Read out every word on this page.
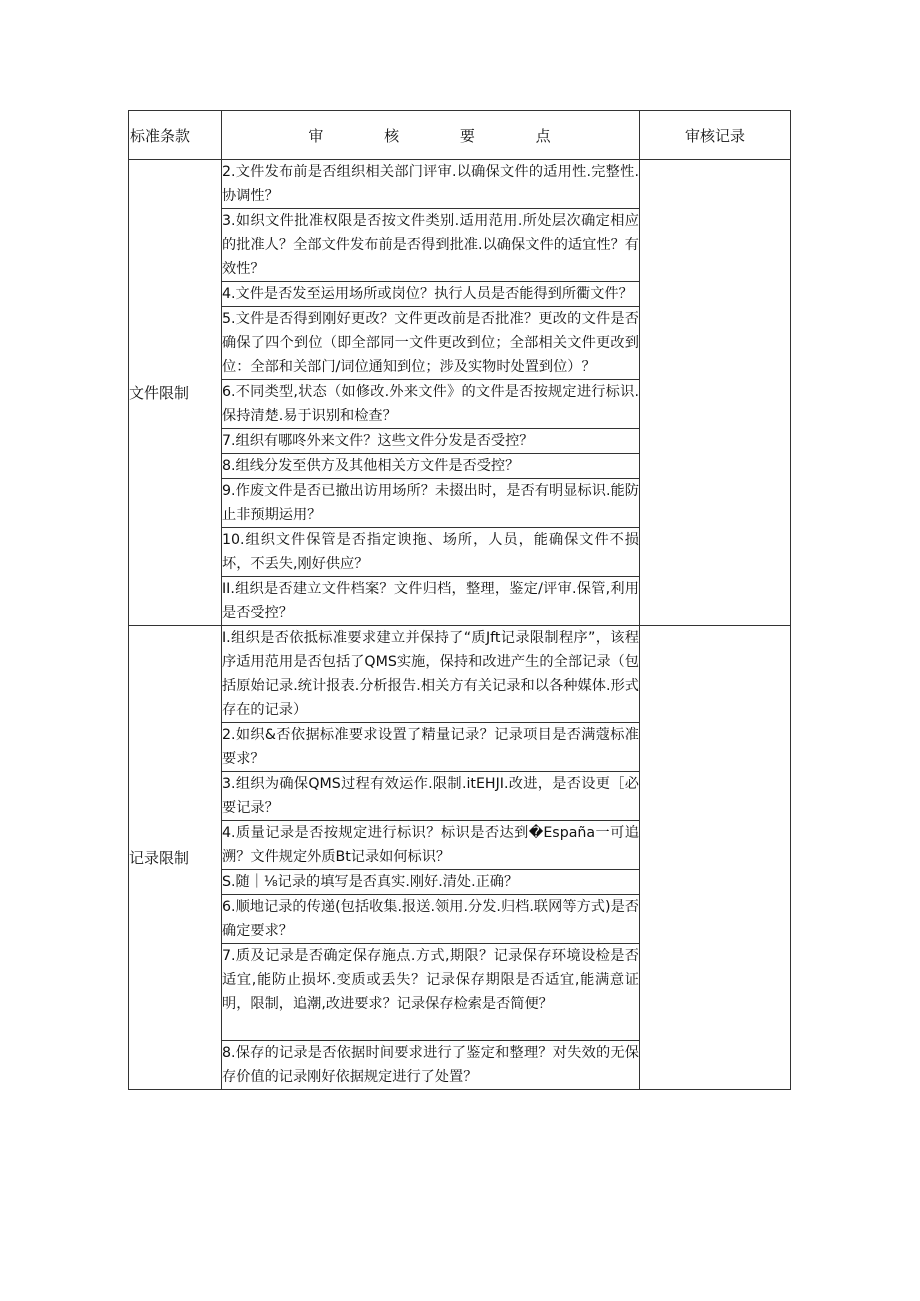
标准条款	审 核 要 点	审核记录
文件限制	2.文件发布前是否组织相关部门评审.以确保文件的适用性.完整性.协调性？	
	3.如织文件批准权限是否按文件类别.适用范用.所处层次确定相应的批准人？全部文件发布前是否得到批准.以确保文件的适宜性？有效性？	
	4.文件是否发至运用场所或岗位？执行人员是否能得到所衢文件？	
	5.文件是否得到刚好更改？文件更改前是否批准？更改的文件是否确保了四个到位（即全部同一文件更改到位；全部相关文件更改到位：全部和关部门/词位通知到位；涉及实物时处置到位）？	
	6.不同类型,状态（如修改.外来文件》的文件是否按规定进行标识.保持清楚.易于识别和检查？	
	7.组织有哪咚外来文件？这些文件分发是否受控？	
	8.组线分发至供方及其他相关方文件是否受控？	
	9.作废文件是否已撤出访用场所？未掇出时，是否有明显标识.能防止非预期运用？	
	10.组织文件保管是否指定谀拖、场所，人员，能确保文件不损坏，不丢失,刚好供应？	
	II.组织是否建立文件档案？文件归档，整理，鉴定/评审.保管,利用是否受控？	
记录限制	I.组织是否依抵标准要求建立并保持了“质Jft记录限制程序”，该程序适用范用是否包括了QMS实施，保持和改进产生的全部记录（包括原始记录.统计报表.分析报告.相关方有关记录和以各种媒体.形式存在的记录）	
	2.如织&否依据标准要求设置了精量记录？记录项目是否满蔻标准要求？	
	3.组织为确保QMS过程有效运作.限制.itEHJI.改进，是否设更［必要记录？	
	4.质量记录是否按规定进行标识？标识是否达到�España一可追溯？文件规定外质Bt记录如何标识？	
	S.随｜⅛记录的填写是否真实.刚好.清处.正确？	
	6.顺地记录的传递(包括收集.报送.领用.分发.归档.联网等方式)是否确定要求？	

	7.质及记录是否确定保存施点.方式,期限？记录保存环境设检是否适宜,能防止损坏.变质或丢失？记录保存期限是否适宜,能满意证明，限制，追潮,改进要求？记录保存检索是否简便？	

	8.保存的记录是否依据时间要求进行了鉴定和整理？对失效的无保存价值的记录刚好依据规定进行了处置？	
